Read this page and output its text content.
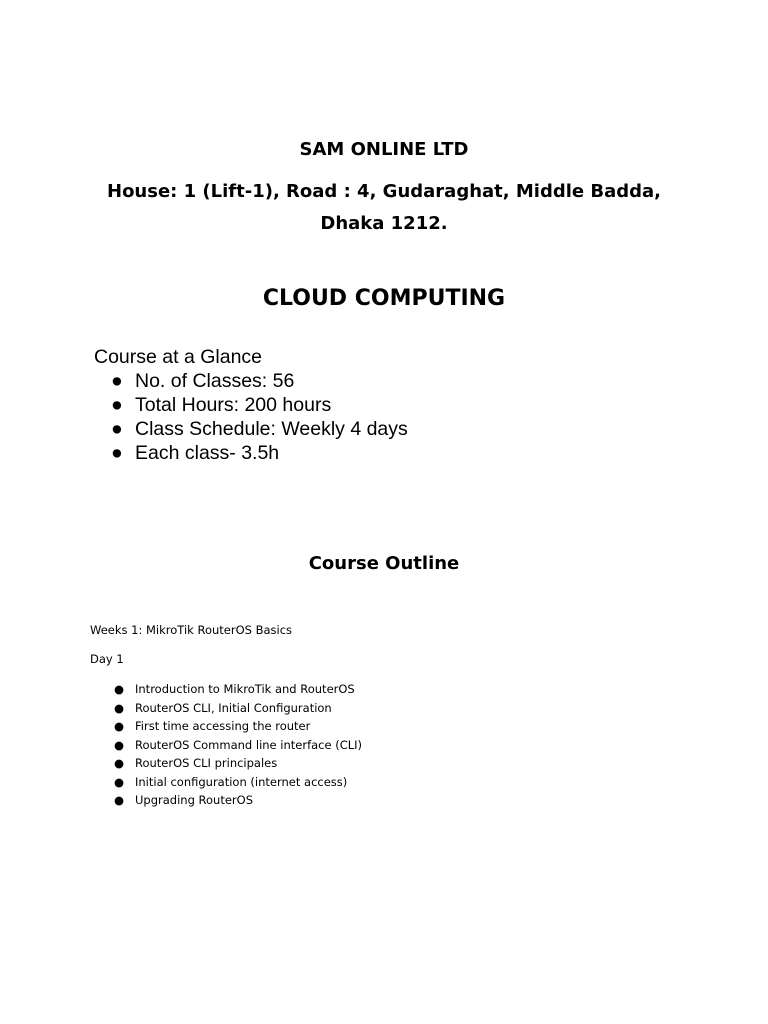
SAM ONLINE LTD
House: 1 (Lift-1), Road : 4, Gudaraghat, Middle Badda, Dhaka 1212.
CLOUD COMPUTING

Course at a Glance

● No. of Classes: 56
● Total Hours: 200 hours
● Class Schedule: Weekly 4 days
● Each class- 3.5h
Course Outline

Weeks 1: MikroTik RouterOS Basics

Day 1

● Introduction to MikroTik and RouterOS
● RouterOS CLI, Initial Configuration
● First time accessing the router
● RouterOS Command line interface (CLI)
● RouterOS CLI principales
● Initial configuration (internet access)
● Upgrading RouterOS
